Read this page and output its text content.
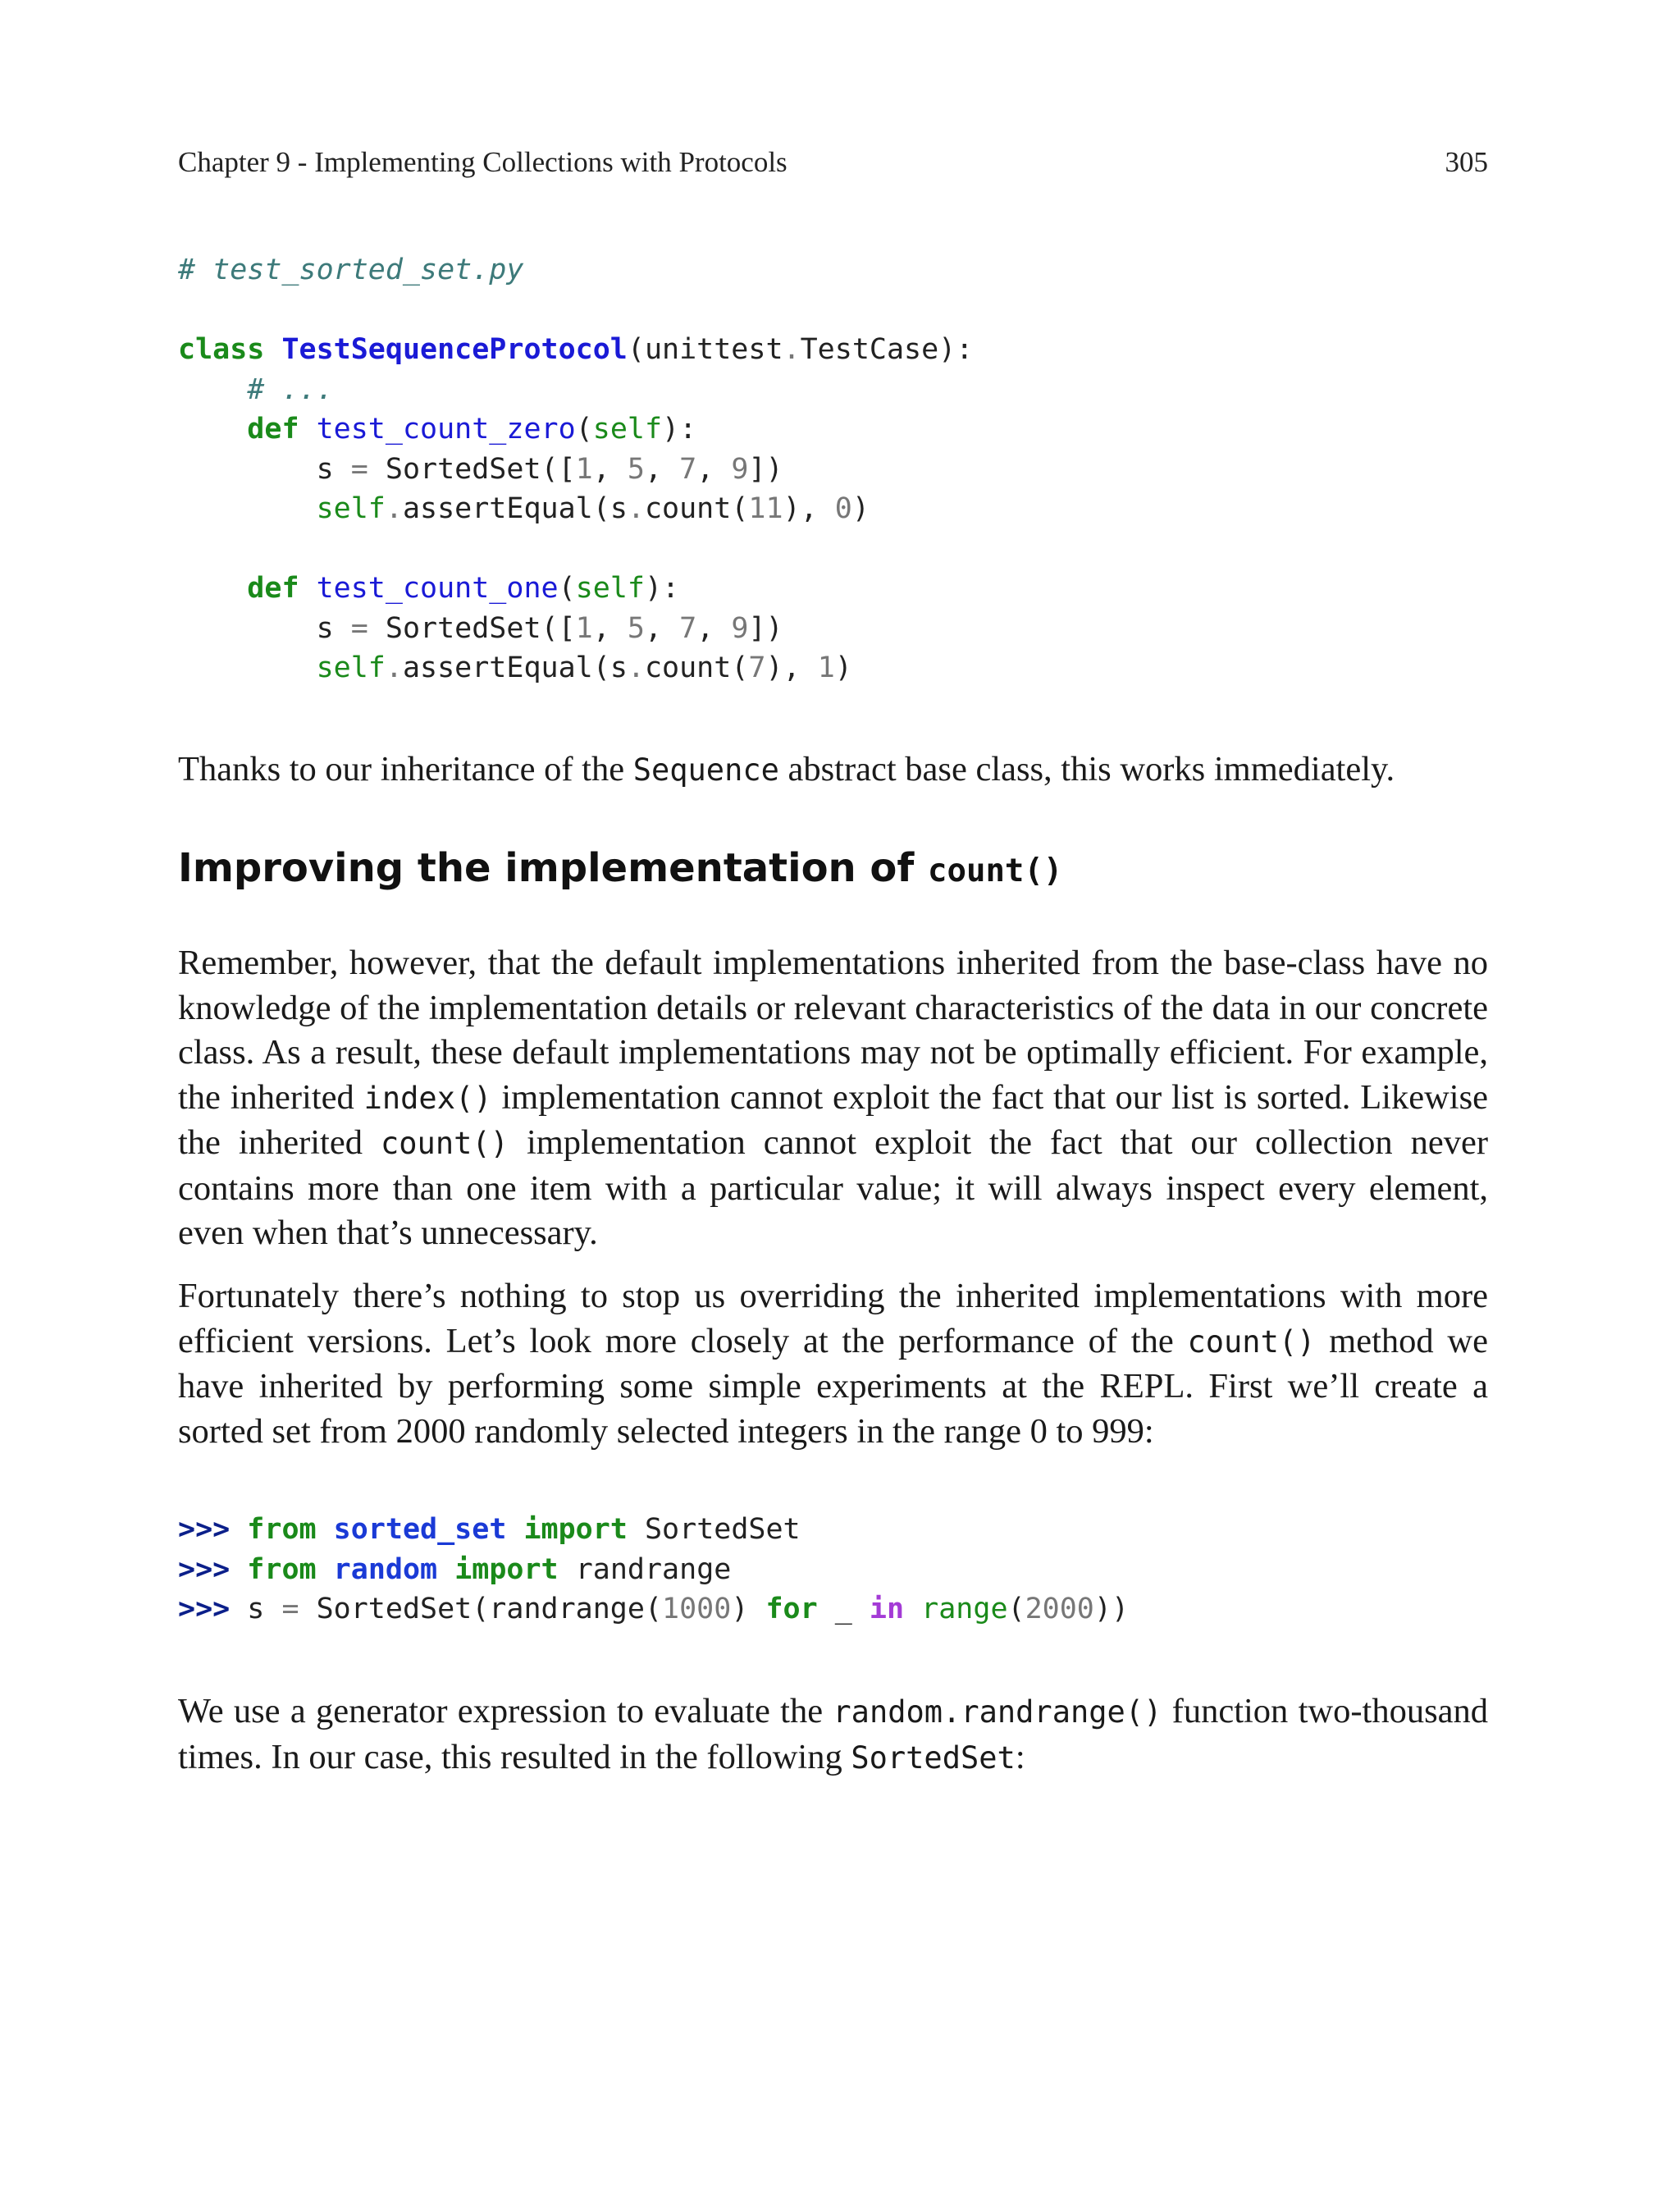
Chapter 9 - Implementing Collections with Protocols	305
# test_sorted_set.py

class TestSequenceProtocol(unittest.TestCase):
# ...
def test_count_zero(self):
s = SortedSet([1, 5, 7, 9])
self.assertEqual(s.count(11), 0)

def test_count_one(self):
s = SortedSet([1, 5, 7, 9])
self.assertEqual(s.count(7), 1)

Thanks to our inheritance of the Sequence abstract base class, this works immediately.

Improving the implementation of count()

Remember, however, that the default implementations inherited from the base-class have no knowledge of the implementation details or relevant characteristics of the data in our concrete class. As a result, these default implementations may not be optimally efficient. For example, the inherited index() implementation cannot exploit the fact that our list is sorted. Likewise the inherited count() implementation cannot exploit the fact that our collection never contains more than one item with a particular value; it will always inspect every element, even when that’s unnecessary.

Fortunately there’s nothing to stop us overriding the inherited implementations with more efficient versions. Let’s look more closely at the performance of the count() method we have inherited by performing some simple experiments at the REPL. First we’ll create a sorted set from 2000 randomly selected integers in the range 0 to 999:

>>> from sorted_set import SortedSet
>>> from random import randrange
>>> s = SortedSet(randrange(1000) for _ in range(2000))

We use a generator expression to evaluate the random.randrange() function two-thousand times. In our case, this resulted in the following SortedSet:
